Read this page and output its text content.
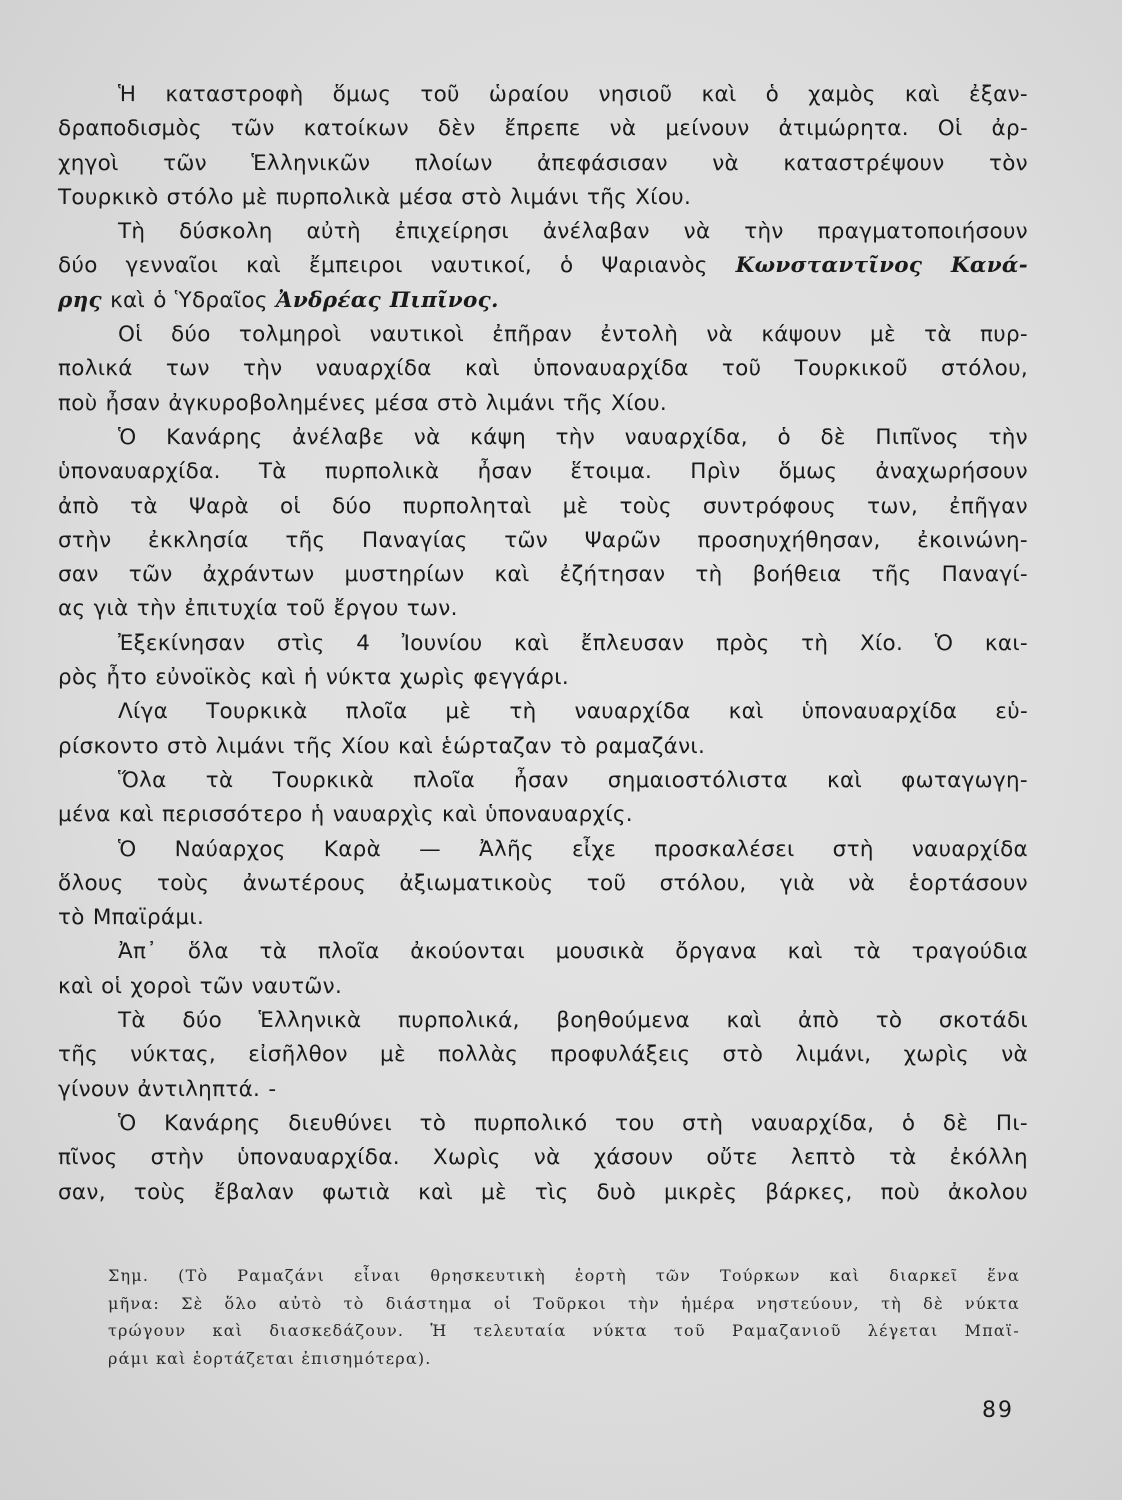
Ἡ καταστροφὴ ὅμως τοῦ ὡραίου νησιοῦ καὶ ὁ χαμὸς καὶ ἐξαν-
δραποδισμὸς τῶν κατοίκων δὲν ἔπρεπε νὰ μείνουν ἀτιμώρητα. Οἱ ἀρ-
χηγοὶ τῶν Ἑλληνικῶν πλοίων ἀπεφάσισαν νὰ καταστρέψουν τὸν
Τουρκικὸ στόλο μὲ πυρπολικὰ μέσα στὸ λιμάνι τῆς Χίου.
Τὴ δύσκολη αὐτὴ ἐπιχείρησι ἀνέλαβαν νὰ τὴν πραγματοποιήσουν
δύο γενναῖοι καὶ ἔμπειροι ναυτικοί, ὁ Ψαριανὸς Κωνσταντῖνος Κανά-
ρης καὶ ὁ Ὑδραῖος Ἀνδρέας Πιπῖνος.
Οἱ δύο τολμηροὶ ναυτικοὶ ἐπῆραν ἐντολὴ νὰ κάψουν μὲ τὰ πυρ-
πολικά των τὴν ναυαρχίδα καὶ ὑποναυαρχίδα τοῦ Τουρκικοῦ στόλου,
ποὺ ἦσαν ἀγκυροβολημένες μέσα στὸ λιμάνι τῆς Χίου.
Ὁ Κανάρης ἀνέλαβε νὰ κάψη τὴν ναυαρχίδα, ὁ δὲ Πιπῖνος τὴν
ὑποναυαρχίδα. Τὰ πυρπολικὰ ἦσαν ἕτοιμα. Πρὶν ὅμως ἀναχωρήσουν
ἀπὸ τὰ Ψαρὰ οἱ δύο πυρποληταὶ μὲ τοὺς συντρόφους των, ἐπῆγαν
στὴν ἐκκλησία τῆς Παναγίας τῶν Ψαρῶν προσηυχήθησαν, ἐκοινώνη-
σαν τῶν ἀχράντων μυστηρίων καὶ ἐζήτησαν τὴ βοήθεια τῆς Παναγί-
ας γιὰ τὴν ἐπιτυχία τοῦ ἔργου των.
Ἐξεκίνησαν στὶς 4 Ἰουνίου καὶ ἔπλευσαν πρὸς τὴ Χίο. Ὁ και-
ρὸς ἦτο εὐνοϊκὸς καὶ ἡ νύκτα χωρὶς φεγγάρι.
Λίγα Τουρκικὰ πλοῖα μὲ τὴ ναυαρχίδα καὶ ὑποναυαρχίδα εὑ-
ρίσκοντο στὸ λιμάνι τῆς Χίου καὶ ἑώρταζαν τὸ ραμαζάνι.
Ὅλα τὰ Τουρκικὰ πλοῖα ἦσαν σημαιοστόλιστα καὶ φωταγωγη-
μένα καὶ περισσότερο ἡ ναυαρχὶς καὶ ὑποναυαρχίς.
Ὁ Ναύαρχος Καρὰ — Ἀλῆς εἶχε προσκαλέσει στὴ ναυαρχίδα
ὅλους τοὺς ἀνωτέρους ἀξιωματικοὺς τοῦ στόλου, γιὰ νὰ ἑορτάσουν
τὸ Μπαϊράμι.
Ἀπ᾽ ὅλα τὰ πλοῖα ἀκούονται μουσικὰ ὄργανα καὶ τὰ τραγούδια
καὶ οἱ χοροὶ τῶν ναυτῶν.
Τὰ δύο Ἑλληνικὰ πυρπολικά, βοηθούμενα καὶ ἀπὸ τὸ σκοτάδι
τῆς νύκτας, εἰσῆλθον μὲ πολλὰς προφυλάξεις στὸ λιμάνι, χωρὶς νὰ
γίνουν ἀντιληπτά. -
Ὁ Κανάρης διευθύνει τὸ πυρπολικό του στὴ ναυαρχίδα, ὁ δὲ Πι-
πῖνος στὴν ὑποναυαρχίδα. Χωρὶς νὰ χάσουν οὔτε λεπτὸ τὰ ἐκόλλη
σαν, τοὺς ἔβαλαν φωτιὰ καὶ μὲ τὶς δυὸ μικρὲς βάρκες, ποὺ ἀκολου
Σημ. (Τὸ Ραμαζάνι εἶναι θρησκευτικὴ ἑορτὴ τῶν Τούρκων καὶ διαρκεῖ ἕνα
μῆνα: Σὲ ὅλο αὐτὸ τὸ διάστημα οἱ Τοῦρκοι τὴν ἡμέρα νηστεύουν, τὴ δὲ νύκτα
τρώγουν καὶ διασκεδάζουν. Ἡ τελευταία νύκτα τοῦ Ραμαζανιοῦ λέγεται Μπαϊ-
ράμι καὶ ἑορτάζεται ἐπισημότερα).
89
